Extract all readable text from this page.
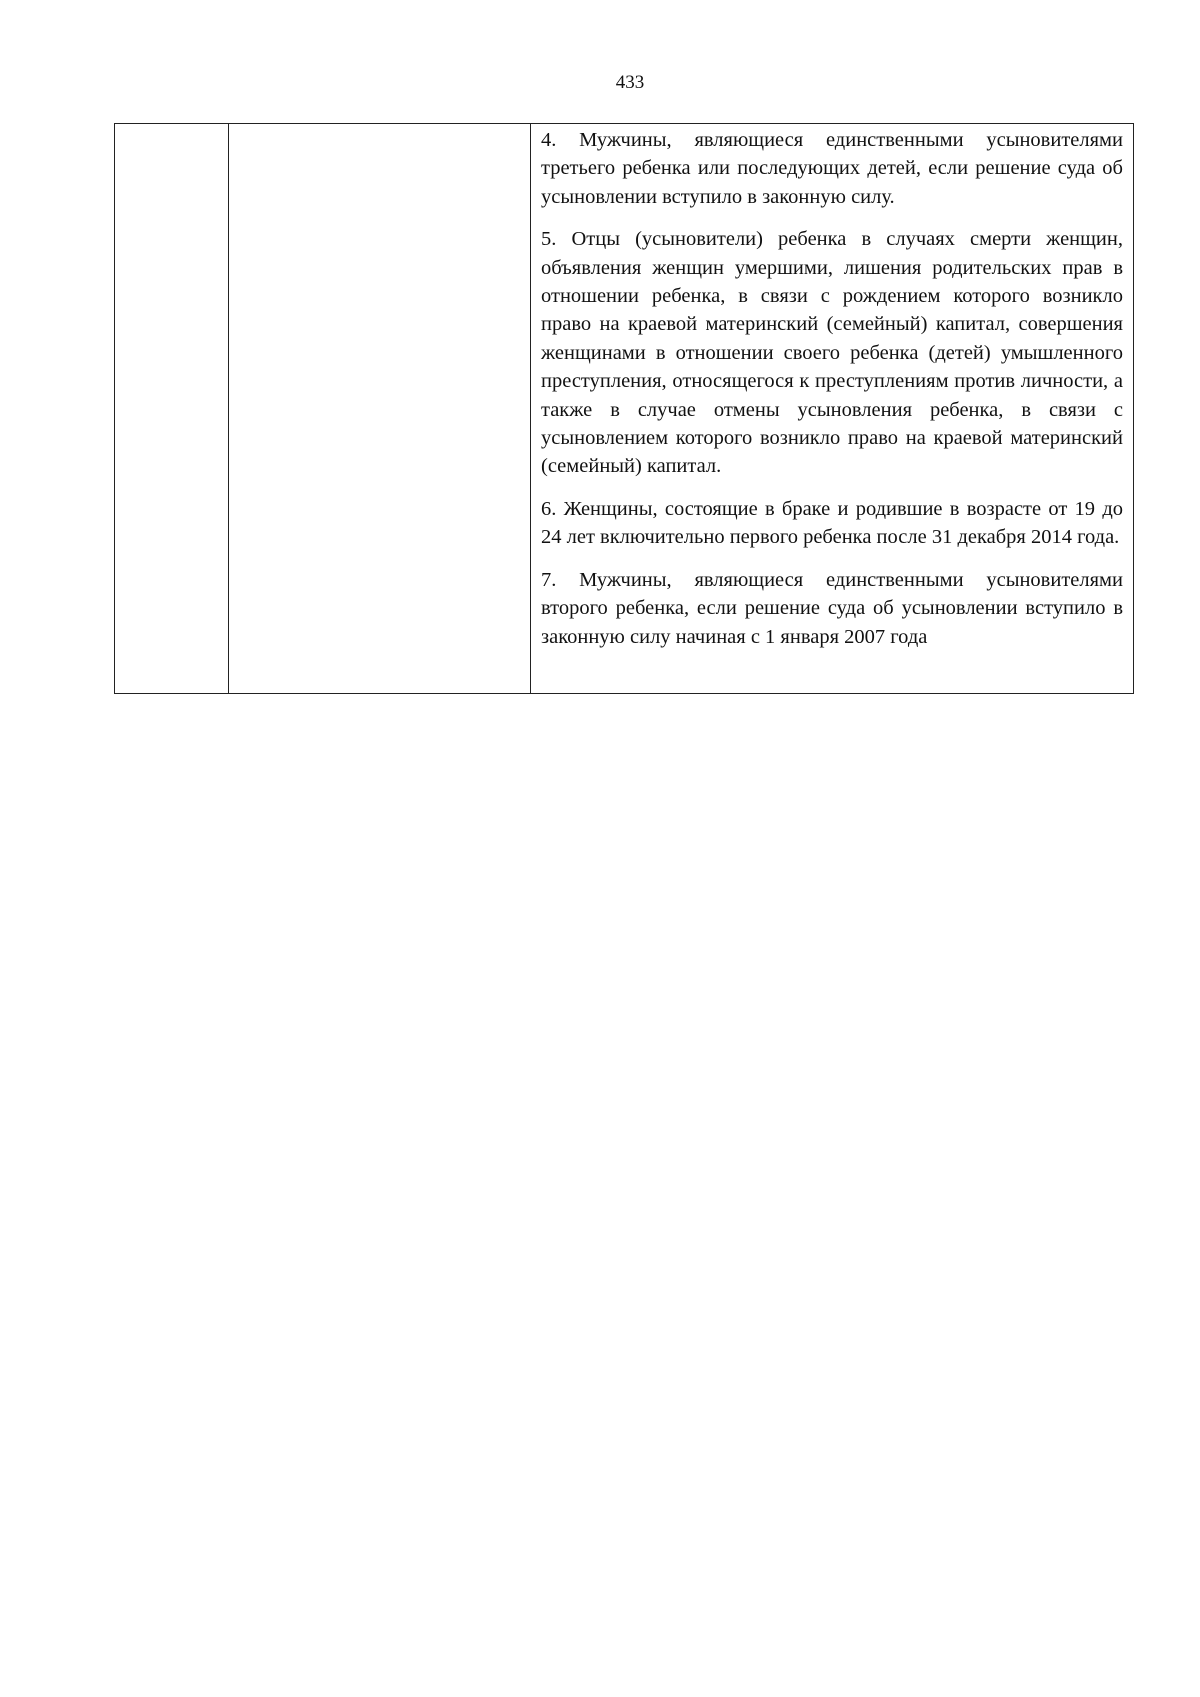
433

4. Мужчины, являющиеся единственными усыновителями третьего ребенка или последующих детей, если решение суда об усыновлении вступило в законную силу.

5. Отцы (усыновители) ребенка в случаях смерти женщин, объявления женщин умершими, лишения родительских прав в отношении ребенка, в связи с рождением которого возникло право на краевой материнский (семейный) капитал, совершения женщинами в отношении своего ребенка (детей) умышленного преступления, относящегося к преступлениям против личности, а также в случае отмены усыновления ребенка, в связи с усыновлением которого возникло право на краевой материнский (семейный) капитал.

6. Женщины, состоящие в браке и родившие в возрасте от 19 до 24 лет включительно первого ребенка после 31 декабря 2014 года.

7. Мужчины, являющиеся единственными усыновителями второго ребенка, если решение суда об усыновлении вступило в законную силу начиная с 1 января 2007 года
